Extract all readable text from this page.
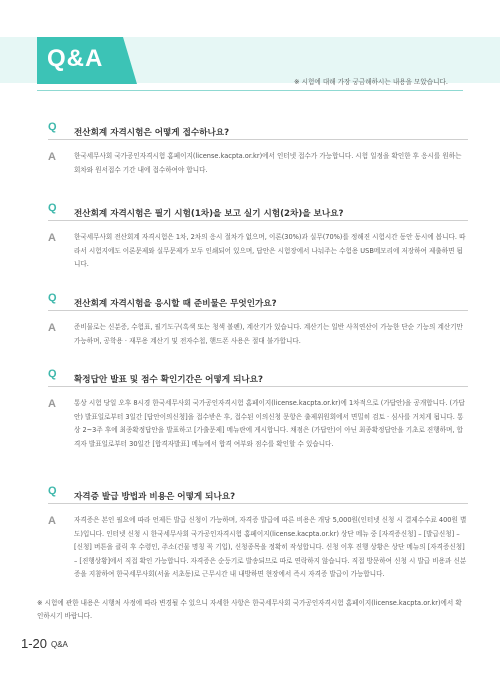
Q&A
※ 시험에 대해 가장 궁금해하시는 내용을 모았습니다.
Q 전산회계 자격시험은 어떻게 접수하나요?
A	한국세무사회 국가공인자격시험 홈페이지(license.kacpta.or.kr)에서 인터넷 접수가 가능합니다. 시험 일정을 확인한 후 응시를 원하는 회차와 원서접수 기간 내에 접수하여야 합니다.

Q 전산회계 자격시험은 필기 시험(1차)을 보고 실기 시험(2차)을 보나요?
A	한국세무사회 전산회계 자격시험은 1차, 2차의 응시 절차가 없으며, 이론(30%)과 실무(70%)를 정해진 시험시간 동안 동시에 봅니다. 따라서 시험지에도 이론문제와 실무문제가 모두 인쇄되어 있으며, 답안은 시험장에서 나눠주는 수험용 USB메모리에 저장하여 제출하면 됩니다.

Q 전산회계 자격시험을 응시할 때 준비물은 무엇인가요?
A	준비물로는 신분증, 수험표, 필기도구(흑색 또는 청색 볼펜), 계산기가 있습니다. 계산기는 일반 사칙연산이 가능한 단순 기능의 계산기만 가능하며, 공학용 · 재무용 계산기 및 전자수첩, 핸드폰 사용은 절대 불가합니다.

Q 확정답안 발표 및 점수 확인기간은 어떻게 되나요?
A	통상 시험 당일 오후 8시경 한국세무사회 국가공인자격시험 홈페이지(license.kacpta.or.kr)에 1차적으로 (가답안)을 공개합니다. (가답안) 발표일로부터 3일간 [답안이의신청]을 접수받은 후, 접수된 이의신청 문항은 출제위원회에서 면밀히 검토 · 심사를 거치게 됩니다. 통상 2~3주 후에 최종확정답안을 발표하고 [가출문제] 메뉴란에 게시합니다. 채점은 (가답안)이 아닌 최종확정답안을 기초로 진행하며, 합격자 발표일로부터 30일간 [합격자발표] 메뉴에서 합격 여부와 점수를 확인할 수 있습니다.

Q 자격증 발급 방법과 비용은 어떻게 되나요?
A	자격증은 본인 필요에 따라 언제든 발급 신청이 가능하며, 자격증 발급에 따른 비용은 개당 5,000원(인터넷 신청 시 결제수수료 400원 별도)입니다. 인터넷 신청 시 한국세무사회 국가공인자격시험 홈페이지(license.kacpta.or.kr) 상단 메뉴 중 [자격증신청] – [발급신청] – [신청] 버튼을 클릭 후 수령인, 주소(건물 명칭 꼭 기입), 신청종목을 정확히 작성합니다. 신청 이후 진행 상황은 상단 메뉴의 [자격증신청] – [진행상황]에서 직접 확인 가능합니다. 자격증은 순등기로 발송되므로 따로 연락하지 않습니다. 직접 방문하여 신청 시 발급 비용과 신분증을 지참하여 한국세무사회(서울 서초동)로 근무시간 내 내방하면 현장에서 즉시 자격증 발급이 가능합니다.

※ 시험에 관한 내용은 시행처 사정에 따라 변경될 수 있으니 자세한 사항은 한국세무사회 국가공인자격시험 홈페이지(license.kacpta.or.kr)에서 확인하시기 바랍니다.
1-20 Q&A
